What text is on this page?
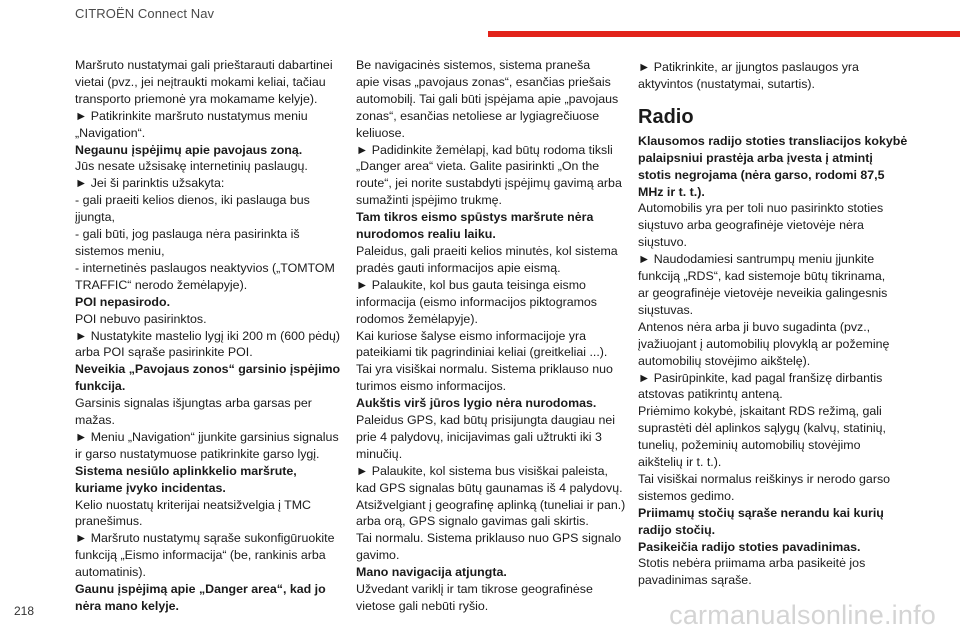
CITROËN Connect Nav
Maršruto nustatymai gali prieštarauti dabartinei
vietai (pvz., jei neįtraukti mokami keliai, tačiau
transporto priemonė yra mokamame kelyje).
► Patikrinkite maršruto nustatymus meniu
„Navigation“.
Negaunu įspėjimų apie pavojaus zoną.
Jūs nesate užsisakę internetinių paslaugų.
► Jei ši parinktis užsakyta:
- gali praeiti kelios dienos, iki paslauga bus
įjungta,
- gali būti, jog paslauga nėra pasirinkta iš
sistemos meniu,
- internetinės paslaugos neaktyvios („TOMTOM
TRAFFIC“ nerodo žemėlapyje).
POI nepasirodo.
POI nebuvo pasirinktos.
► Nustatykite mastelio lygį iki 200 m (600 pėdų)
arba POI sąraše pasirinkite POI.
Neveikia „Pavojaus zonos“ garsinio įspėjimo
funkcija.
Garsinis signalas išjungtas arba garsas per
mažas.
► Meniu „Navigation“ įjunkite garsinius signalus
ir garso nustatymuose patikrinkite garso lygį.
Sistema nesiūlo aplinkkelio maršrute,
kuriame įvyko incidentas.
Kelio nuostatų kriterijai neatsižvelgia į TMC
pranešimus.
► Maršruto nustatymų sąraše sukonfigūruokite
funkciją „Eismo informacija“ (be, rankinis arba
automatinis).
Gaunu įspėjimą apie „Danger area“, kad jo
nėra mano kelyje.
Be navigacinės sistemos, sistema praneša
apie visas „pavojaus zonas“, esančias priešais
automobilį. Tai gali būti įspėjama apie „pavojaus
zonas“, esančias netoliese ar lygiagrečiuose
keliuose.
► Padidinkite žemėlapį, kad būtų rodoma tiksli
„Danger area“ vieta. Galite pasirinkti „On the
route“, jei norite sustabdyti įspėjimų gavimą arba
sumažinti įspėjimo trukmę.
Tam tikros eismo spūstys maršrute nėra
nurodomos realiu laiku.
Paleidus, gali praeiti kelios minutės, kol sistema
pradės gauti informacijos apie eismą.
► Palaukite, kol bus gauta teisinga eismo
informacija (eismo informacijos piktogramos
rodomos žemėlapyje).
Kai kuriose šalyse eismo informacijoje yra
pateikiami tik pagrindiniai keliai (greitkeliai ...).
Tai yra visiškai normalu. Sistema priklauso nuo
turimos eismo informacijos.
Aukštis virš jūros lygio nėra nurodomas.
Paleidus GPS, kad būtų prisijungta daugiau nei
prie 4 palydovų, inicijavimas gali užtrukti iki 3
minučių.
► Palaukite, kol sistema bus visiškai paleista,
kad GPS signalas būtų gaunamas iš 4 palydovų.
Atsižvelgiant į geografinę aplinką (tuneliai ir pan.)
arba orą, GPS signalo gavimas gali skirtis.
Tai normalu. Sistema priklauso nuo GPS signalo
gavimo.
Mano navigacija atjungta.
Užvedant variklį ir tam tikrose geografinėse
vietose gali nebūti ryšio.
► Patikrinkite, ar įjungtos paslaugos yra
aktyvintos (nustatymai, sutartis).
Radio
Klausomos radijo stoties transliacijos kokybė
palaipsniui prastėja arba įvesta į atmintį
stotis negrojama (nėra garso, rodomi 87,5
MHz ir t. t.).
Automobilis yra per toli nuo pasirinkto stoties
siųstuvo arba geografinėje vietovėje nėra
siųstuvo.
► Naudodamiesi santrumpų meniu įjunkite
funkciją „RDS“, kad sistemoje būtų tikrinama,
ar geografinėje vietovėje neveikia galingesnis
siųstuvas.
Antenos nėra arba ji buvo sugadinta (pvz.,
įvažiuojant į automobilių plovyklą ar požeminę
automobilių stovėjimo aikštelę).
► Pasirūpinkite, kad pagal franšizę dirbantis
atstovas patikrintų anteną.
Priėmimo kokybė, įskaitant RDS režimą, gali
suprastėti dėl aplinkos sąlygų (kalvų, statinių,
tunelių, požeminių automobilių stovėjimo
aikštelių ir t. t.).
Tai visiškai normalus reiškinys ir nerodo garso
sistemos gedimo.
Priimamų stočių sąraše nerandu kai kurių
radijo stočių.
Pasikeičia radijo stoties pavadinimas.
Stotis nebėra priimama arba pasikeitė jos
pavadinimas sąraše.
218	carmanualsonline.info
